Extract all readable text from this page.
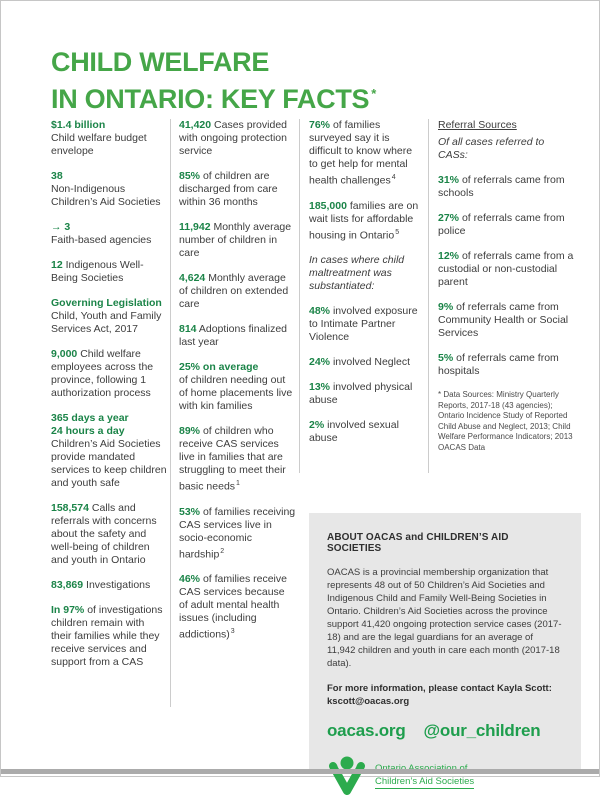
CHILD WELFARE
IN ONTARIO: KEY FACTS *

$1.4 billion
Child welfare budget envelope

38
Non-Indigenous Children’s Aid Societies

→ 3
Faith-based agencies

12 Indigenous Well-Being Societies

Governing Legislation
Child, Youth and Family Services Act, 2017

9,000 Child welfare employees across the province, following 1 authorization process

365 days a year
24 hours a day
Children’s Aid Societies provide mandated services to keep children and youth safe

158,574 Calls and referrals with concerns about the safety and well-being of children and youth in Ontario

83,869 Investigations

In 97% of investigations children remain with their families while they receive services and support from a CAS

41,420 Cases provided with ongoing protection service

85% of children are discharged from care within 36 months

11,942 Monthly average number of children in care

4,624 Monthly average of children on extended care

814 Adoptions finalized last year

25% on average
of children needing out of home placements live with kin families

89% of children who receive CAS services live in families that are struggling to meet their basic needs$^1$

53% of families receiving CAS services live in socio-economic hardship$^2$

46% of families receive CAS services because of adult mental health issues (including addictions)$^3$

76% of families surveyed say it is difficult to know where to get help for mental health challenges$^4$

185,000 families are on wait lists for affordable housing in Ontario$^5$

In cases where child maltreatment was substantiated:

48% involved exposure to Intimate Partner Violence

24% involved Neglect

13% involved physical abuse

2% involved sexual abuse

Referral Sources

Of all cases referred to CASs:

31% of referrals came from schools

27% of referrals came from police

12% of referrals came from a custodial or non-custodial parent

9% of referrals came from Community Health or Social Services

5% of referrals came from hospitals

* Data Sources: Ministry Quarterly Reports, 2017-18 (43 agencies); Ontario Incidence Study of Reported Child Abuse and Neglect, 2013; Child Welfare Performance Indicators; 2013 OACAS Data

ABOUT OACAS and CHILDREN’S AID SOCIETIES

OACAS is a provincial membership organization that represents 48 out of 50 Children’s Aid Societies and Indigenous Child and Family Well-Being Societies in Ontario. Children’s Aid Societies across the province support 41,420 ongoing protection service cases (2017-18) and are the legal guardians for an average of 11,942 children and youth in care each month (2017-18 data).

For more information, please contact Kayla Scott:
kscott@oacas.org

oacas.org @our_children

Children’s Aid Societies
